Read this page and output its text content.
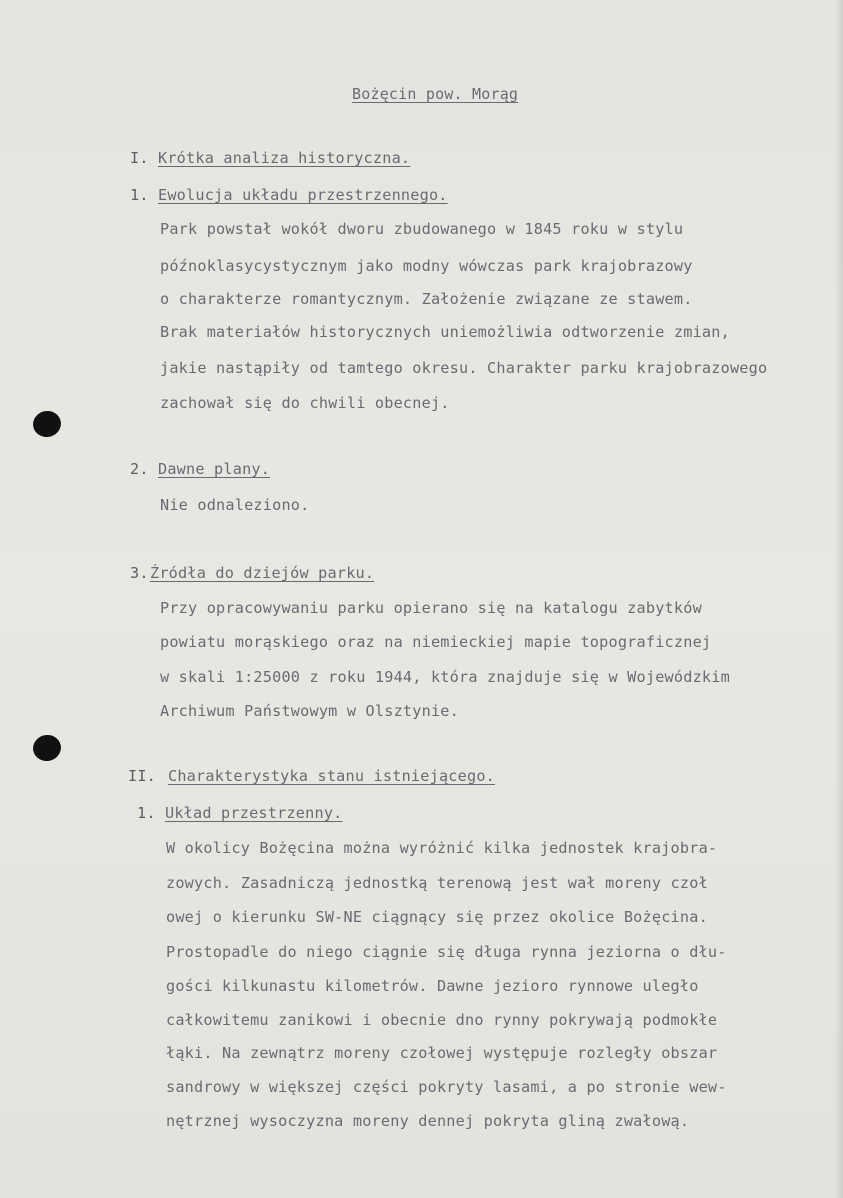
Bożęcin pow. Morąg
I. Krótka analiza historyczna.
1. Ewolucja układu przestrzennego.
Park powstał wokół dworu zbudowanego w 1845 roku w stylu
późnoklasycystycznym jako modny wówczas park krajobrazowy
o charakterze romantycznym. Założenie związane ze stawem.
Brak materiałów historycznych uniemożliwia odtworzenie zmian,
jakie nastąpiły od tamtego okresu. Charakter parku krajobrazowego
zachował się do chwili obecnej.
2. Dawne plany.
Nie odnaleziono.
3. Źródła do dziejów parku.
Przy opracowywaniu parku opierano się na katalogu zabytków
powiatu morąskiego oraz na niemieckiej mapie topograficznej
w skali 1:25000 z roku 1944, która znajduje się w Wojewódzkim
Archiwum Państwowym w Olsztynie.
II. Charakterystyka stanu istniejącego.
1. Układ przestrzenny.
W okolicy Bożęcina można wyróżnić kilka jednostek krajobra-
zowych. Zasadniczą jednostką terenową jest wał moreny czoł
owej o kierunku SW-NE ciągnący się przez okolice Bożęcina.
Prostopadle do niego ciągnie się długa rynna jeziorna o dłu-
gości kilkunastu kilometrów. Dawne jezioro rynnowe uległo
całkowitemu zanikowi i obecnie dno rynny pokrywają podmokłe
łąki. Na zewnątrz moreny czołowej występuje rozległy obszar
sandrowy w większej części pokryty lasami, a po stronie wew-
nętrznej wysoczyzna moreny dennej pokryta gliną zwałową.
